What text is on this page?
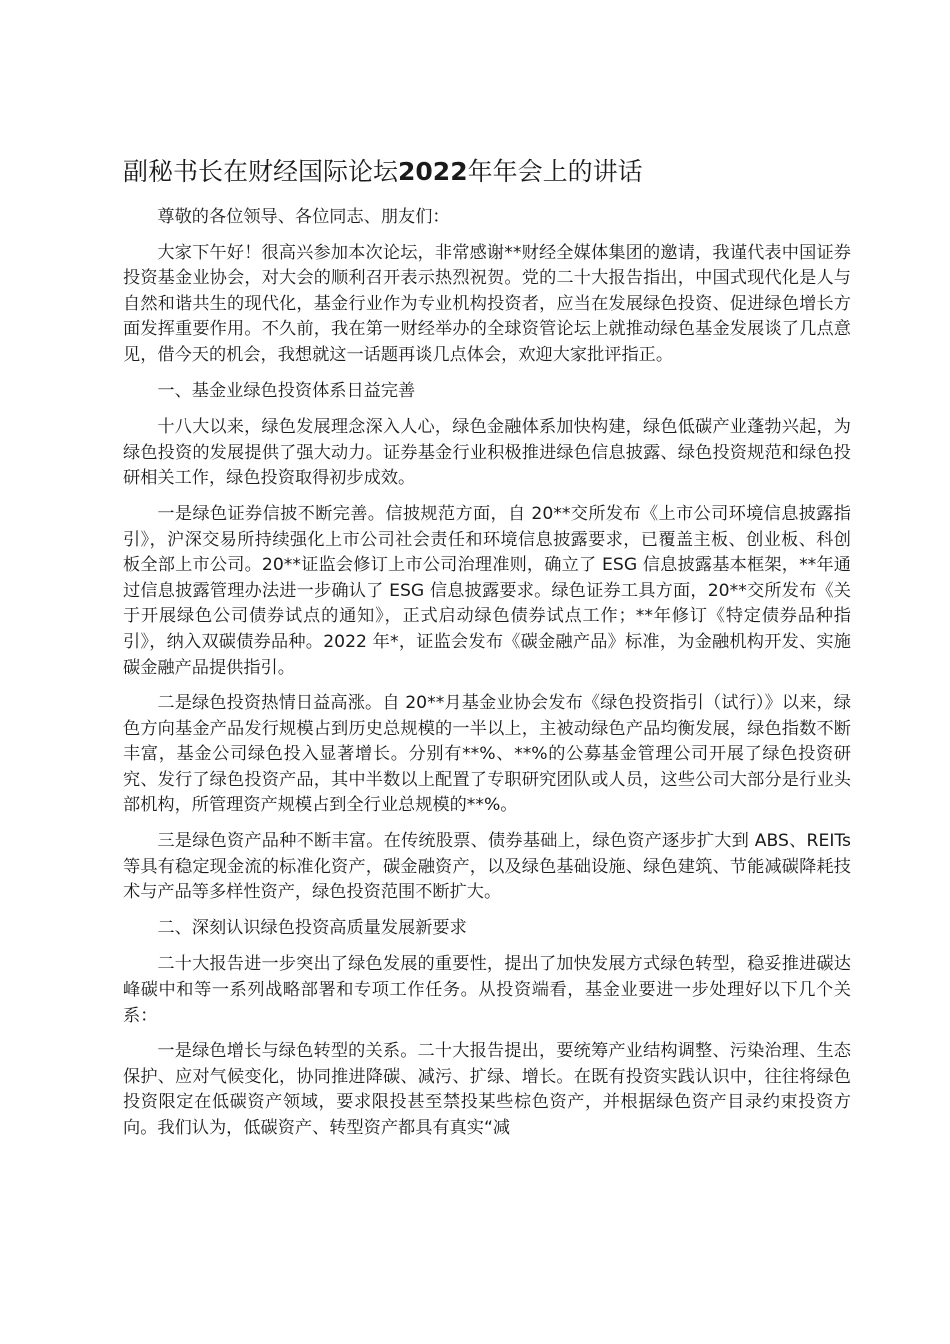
副秘书长在财经国际论坛2022年年会上的讲话

尊敬的各位领导、各位同志、朋友们：

大家下午好！很高兴参加本次论坛，非常感谢**财经全媒体集团的邀请，我谨代表中国证券投资基金业协会，对大会的顺利召开表示热烈祝贺。党的二十大报告指出，中国式现代化是人与自然和谐共生的现代化，基金行业作为专业机构投资者，应当在发展绿色投资、促进绿色增长方面发挥重要作用。不久前，我在第一财经举办的全球资管论坛上就推动绿色基金发展谈了几点意见，借今天的机会，我想就这一话题再谈几点体会，欢迎大家批评指正。

一、基金业绿色投资体系日益完善

十八大以来，绿色发展理念深入人心，绿色金融体系加快构建，绿色低碳产业蓬勃兴起，为绿色投资的发展提供了强大动力。证券基金行业积极推进绿色信息披露、绿色投资规范和绿色投研相关工作，绿色投资取得初步成效。

一是绿色证券信披不断完善。信披规范方面，自 20**交所发布《上市公司环境信息披露指引》，沪深交易所持续强化上市公司社会责任和环境信息披露要求，已覆盖主板、创业板、科创板全部上市公司。20**证监会修订上市公司治理准则，确立了 ESG 信息披露基本框架，**年通过信息披露管理办法进一步确认了 ESG 信息披露要求。绿色证券工具方面，20**交所发布《关于开展绿色公司债券试点的通知》，正式启动绿色债券试点工作；**年修订《特定债券品种指引》，纳入双碳债券品种。2022 年*，证监会发布《碳金融产品》标准，为金融机构开发、实施碳金融产品提供指引。

二是绿色投资热情日益高涨。自 20**月基金业协会发布《绿色投资指引（试行）》以来，绿色方向基金产品发行规模占到历史总规模的一半以上，主被动绿色产品均衡发展，绿色指数不断丰富，基金公司绿色投入显著增长。分别有**%、**%的公募基金管理公司开展了绿色投资研究、发行了绿色投资产品，其中半数以上配置了专职研究团队或人员，这些公司大部分是行业头部机构，所管理资产规模占到全行业总规模的**%。

三是绿色资产品种不断丰富。在传统股票、债券基础上，绿色资产逐步扩大到 ABS、REITs 等具有稳定现金流的标准化资产，碳金融资产，以及绿色基础设施、绿色建筑、节能减碳降耗技术与产品等多样性资产，绿色投资范围不断扩大。

二、深刻认识绿色投资高质量发展新要求

二十大报告进一步突出了绿色发展的重要性，提出了加快发展方式绿色转型，稳妥推进碳达峰碳中和等一系列战略部署和专项工作任务。从投资端看，基金业要进一步处理好以下几个关系：

一是绿色增长与绿色转型的关系。二十大报告提出，要统筹产业结构调整、污染治理、生态保护、应对气候变化，协同推进降碳、减污、扩绿、增长。在既有投资实践认识中，往往将绿色投资限定在低碳资产领域，要求限投甚至禁投某些棕色资产，并根据绿色资产目录约束投资方向。我们认为，低碳资产、转型资产都具有真实“减
